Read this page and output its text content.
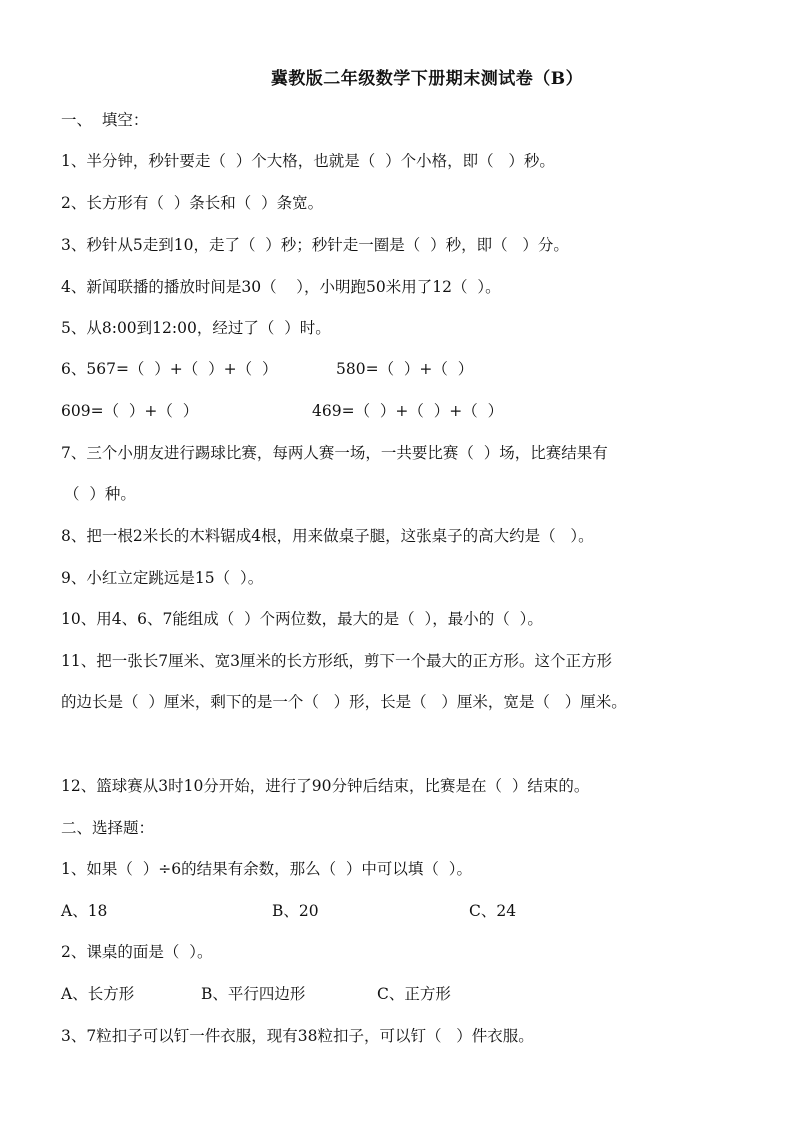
冀教版二年级数学下册期末测试卷（B）
一、  填空：
1、半分钟，秒针要走（  ）个大格，也就是（  ）个小格，即（   ）秒。
2、长方形有（  ）条长和（  ）条宽。
3、秒针从5走到10，走了（  ）秒；秒针走一圈是（  ）秒，即（   ）分。
4、新闻联播的播放时间是30（    ），小明跑50米用了12（  ）。
5、从8:00到12:00，经过了（  ）时。
6、567=（  ）+（  ）+（  ）	580=（  ）+（  ）
609=（  ）+（  ）	469=（  ）+（  ）+（  ）
7、三个小朋友进行踢球比赛，每两人赛一场，一共要比赛（  ）场，比赛结果有
（  ）种。
8、把一根2米长的木料锯成4根，用来做桌子腿，这张桌子的高大约是（   ）。
9、小红立定跳远是15（  ）。
10、用4、6、7能组成（  ）个两位数，最大的是（  ），最小的（  ）。
11、把一张长7厘米、宽3厘米的长方形纸，剪下一个最大的正方形。这个正方形
的边长是（  ）厘米，剩下的是一个（   ）形，长是（   ）厘米，宽是（   ）厘米。
12、篮球赛从3时10分开始，进行了90分钟后结束，比赛是在（  ）结束的。
二、选择题：
1、如果（  ）÷6的结果有余数，那么（  ）中可以填（  ）。
A、18	B、20	C、24
2、课桌的面是（  ）。
A、长方形	B、平行四边形	C、正方形
3、7粒扣子可以钉一件衣服，现有38粒扣子，可以钉（   ）件衣服。
